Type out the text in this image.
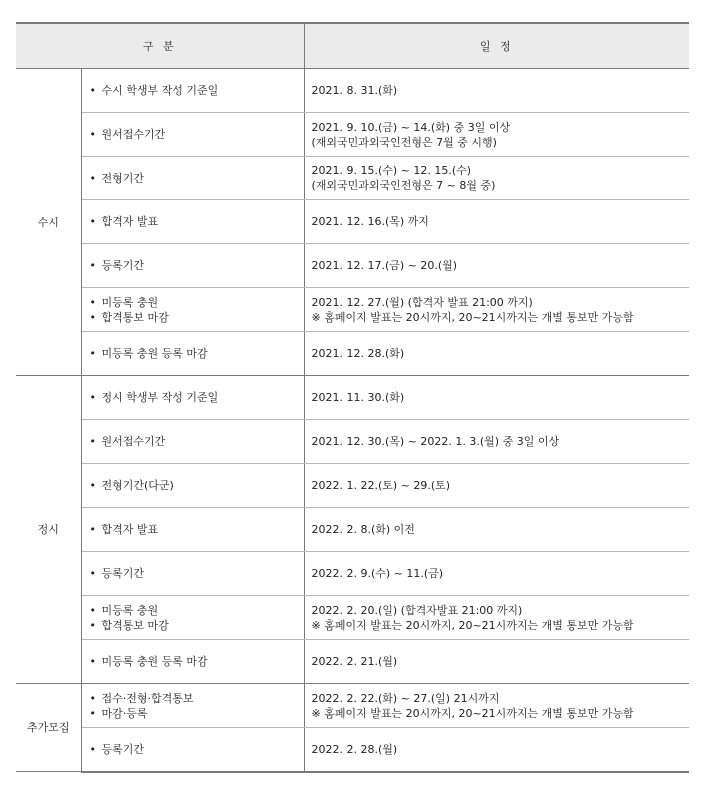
구 분		일 정
수시	• 수시 학생부 작성 기준일	2021. 8. 31.(화)

	• 원서접수기간	2021. 9. 10.(금) ~ 14.(화) 중 3일 이상
(재외국민과외국인전형은 7월 중 시행)

	• 전형기간	2021. 9. 15.(수) ~ 12. 15.(수)
(재외국민과외국인전형은 7 ~ 8월 중)

	• 합격자 발표	2021. 12. 16.(목) 까지

	• 등록기간	2021. 12. 17.(금) ~ 20.(월)

	• 미등록 충원
• 합격통보 마감	2021. 12. 27.(월) (합격자 발표 21:00 까지)
※ 홈페이지 발표는 20시까지, 20~21시까지는 개별 통보만 가능함

	• 미등록 충원 등록 마감	2021. 12. 28.(화)

정시	• 정시 학생부 작성 기준일	2021. 11. 30.(화)

	• 원서접수기간	2021. 12. 30.(목) ~ 2022. 1. 3.(월) 중 3일 이상

	• 전형기간(다군)	2022. 1. 22.(토) ~ 29.(토)

	• 합격자 발표	2022. 2. 8.(화) 이전

	• 등록기간	2022. 2. 9.(수) ~ 11.(금)

	• 미등록 충원
• 합격통보 마감	2022. 2. 20.(일) (합격자발표 21:00 까지)
※ 홈페이지 발표는 20시까지, 20~21시까지는 개별 통보만 가능함

	• 미등록 충원 등록 마감	2022. 2. 21.(월)

추가모집	• 접수·전형·합격통보
• 마감·등록	2022. 2. 22.(화) ~ 27.(일) 21시까지
※ 홈페이지 발표는 20시까지, 20~21시까지는 개별 통보만 가능함

	• 등록기간	2022. 2. 28.(월)
